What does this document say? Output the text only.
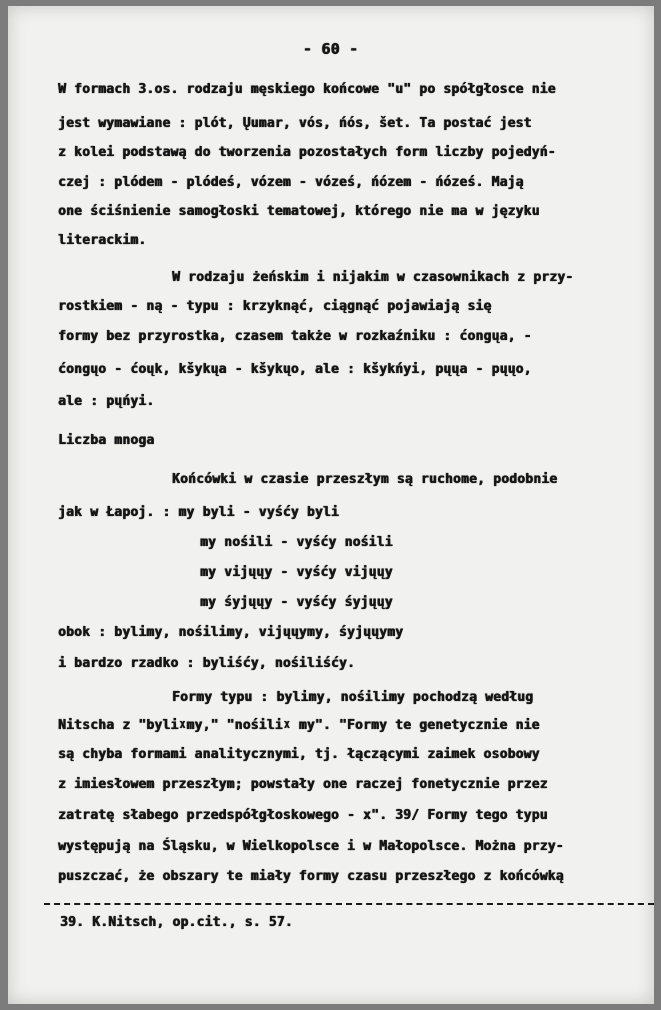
- 60 -
W formach 3.os. rodzaju męskiego końcowe "u" po spółgłosce nie
jest wymawiane : plót, Ųumar, vós, ńós, šet. Ta postać jest
z kolei podstawą do tworzenia pozostałych form liczby pojedyń-
czej : plódem - plódeś, vózem - vóześ, ńózem - ńóześ. Mają
one ściśnienie samogłoski tematowej, którego nie ma w języku
literackim.
W rodzaju żeńskim i nijakim w czasownikach z przy-
rostkiem - ną - typu : krzyknąć, ciągnąć pojawiają się
formy bez przyrostka, czasem także w rozkaźniku : ćongųa, -
ćongųo - ćoųk, kšykųa - kšykųo, ale : kšykńyi, pųųa - pųųo,
ale : pųńyi.
Liczba mnoga
Końcówki w czasie przeszłym są ruchome, podobnie
jak w Łapoj. : my byli - vyśćy byli
my nośili - vyśćy nośili
my vijųųy - vyśćy vijųųy
my śyjųųy - vyśćy śyjųųy
obok : bylimy, nośilimy, vijųųymy, śyjųųymy
i bardzo rzadko : byliśćy, nośiliśćy.
Formy typu : bylimy, nośilimy pochodzą według
Nitscha z "byliᵡmy," "nośiliᵡ my". "Formy te genetycznie nie
są chyba formami analitycznymi, tj. łączącymi zaimek osobowy
z imiesłowem przeszłym; powstały one raczej fonetycznie przez
zatratę słabego przedspółgłoskowego - x". 39/ Formy tego typu
występują na Śląsku, w Wielkopolsce i w Małopolsce. Można przy-
puszczać, że obszary te miały formy czasu przeszłego z końcówką
39. K.Nitsch, op.cit., s. 57.
